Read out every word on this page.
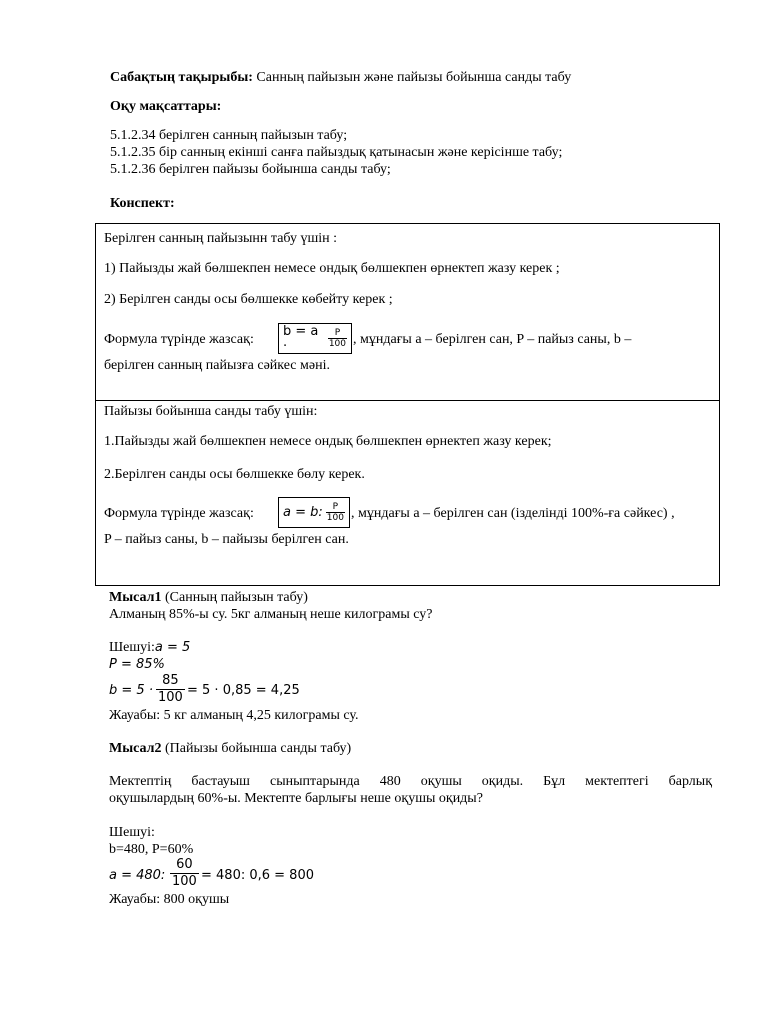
Сабақтың тақырыбы: Санның пайызын және пайызы бойынша санды табу
Оқу мақсаттары:
5.1.2.34 берілген санның пайызын табу;
5.1.2.35 бір санның екінші санға пайыздық қатынасын және керісінше табу;
5.1.2.36 берілген пайызы бойынша санды табу;
Конспект:
Берілген санның пайызынн табу үшін :
1) Пайызды жай бөлшекпен немесе ондық бөлшекпен өрнектеп жазу керек ;
2) Берілген санды осы бөлшекке көбейту керек ;
Формула түрінде жазсақ:
b = a ·	$\frac{P}{100}$ , мұндағы a – берілген сан, P – пайыз саны, b –
берілген санның пайызға сәйкес мәні.
Пайызы бойынша санды табу үшін:
1.Пайызды жай бөлшекпен немесе ондық бөлшекпен өрнектеп жазу керек;
2.Берілген санды осы бөлшекке бөлу керек.
Формула түрінде жазсақ: a = b: $\frac{P}{100}$ , мұндағы a – берілген сан (ізделінді 100%-ға сәйкес) ,
P – пайыз саны, b – пайызы берілген сан.
Мысал1 (Санның пайызын табу)
Алманың 85%-ы су. 5кг алманың неше килограмы су?
Шешуі:a = 5
P = 85%
$b = 5 \cdot \frac{85}{100} = 5 \cdot 0,85 = 4,25$
Жауабы: 5 кг алманың 4,25 килограмы су.
Мысал2 (Пайызы бойынша санды табу)
Мектептің бастауыш сыныптарында 480 оқушы оқиды. Бұл мектептегі барлық
оқушылардың 60%-ы. Мектепте барлығы неше оқушы оқиды?
Шешуі:
b=480, P=60%
a = 480: $\frac{60}{100} = 480$: 0,6 = 800
Жауабы: 800 оқушы
